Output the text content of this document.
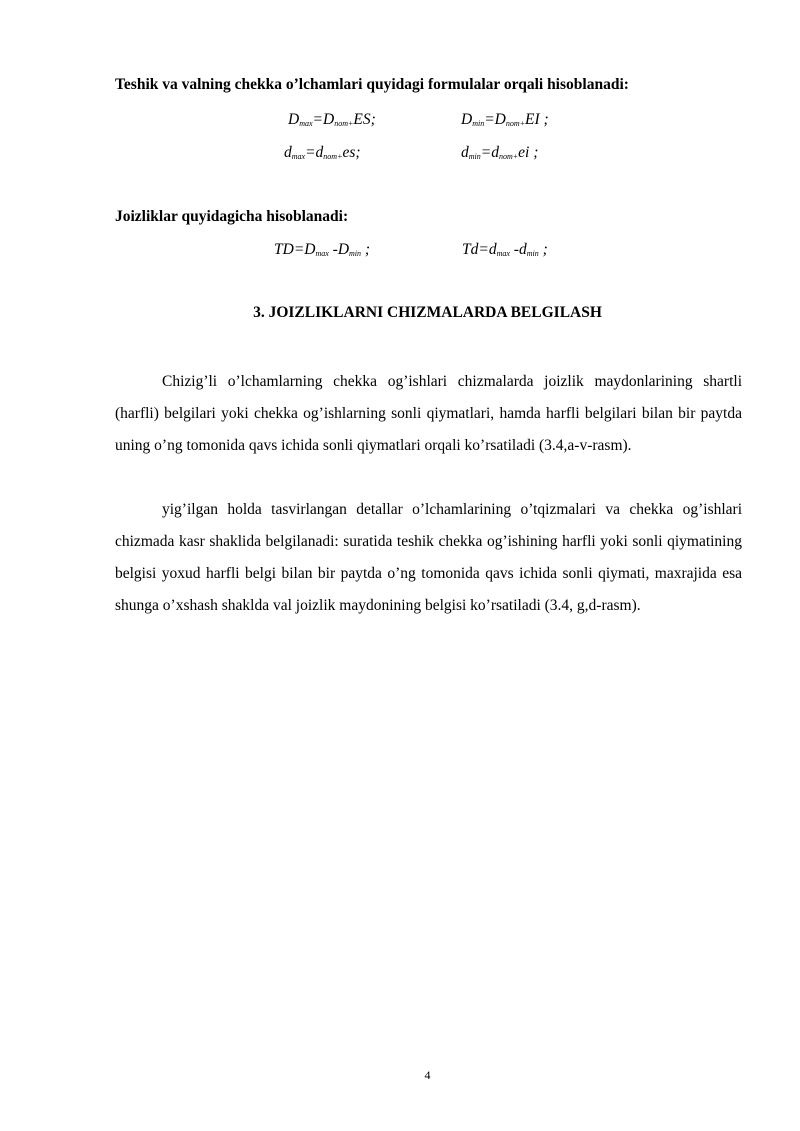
Teshik va valning chekka o’lchamlari quyidagi formulalar orqali hisoblanadi:
$D_{max}=D_{nom+}ES$;	$D_{min}=D_{nom+}EI$ ;
$d_{max}=d_{nom+}es$;	$d_{min}=d_{nom+}ei$ ;
Joizliklar quyidagicha hisoblanadi:
$TD=D_{max}$ $-D_{min}$ ;	$Td=d_{max}$ $-d_{min}$ ;
3. JOIZLIKLARNI CHIZMALARDA BELGILASH

Chizig’li o’lchamlarning chekka og’ishlari chizmalarda joizlik maydonlarining shartli (harfli) belgilari yoki chekka og’ishlarning sonli qiymatlari, hamda harfli belgilari bilan bir paytda uning o’ng tomonida qavs ichida sonli qiymatlari orqali ko’rsatiladi (3.4,a-v-rasm).

yig’ilgan holda tasvirlangan detallar o’lchamlarining o’tqizmalari va chekka og’ishlari chizmada kasr shaklida belgilanadi: suratida teshik chekka og’ishining harfli yoki sonli qiymatining belgisi yoxud harfli belgi bilan bir paytda o’ng tomonida qavs ichida sonli qiymati, maxrajida esa shunga o’xshash shaklda val joizlik maydonining belgisi ko’rsatiladi (3.4, g,d-rasm).

4
